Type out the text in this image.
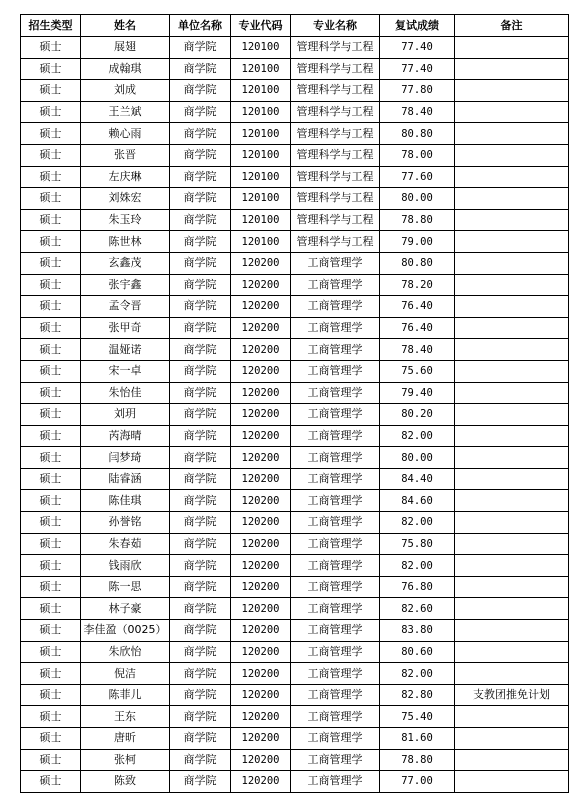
招生类型	姓名	单位名称	专业代码	专业名称	复试成绩	备注
硕士	展翅	商学院	120100	管理科学与工程	77.40	
硕士	成翰琪	商学院	120100	管理科学与工程	77.40	
硕士	刘成	商学院	120100	管理科学与工程	77.80	
硕士	王兰斌	商学院	120100	管理科学与工程	78.40	
硕士	赖心雨	商学院	120100	管理科学与工程	80.80	
硕士	张晋	商学院	120100	管理科学与工程	78.00	
硕士	左庆琳	商学院	120100	管理科学与工程	77.60	
硕士	刘姝宏	商学院	120100	管理科学与工程	80.00	
硕士	朱玉玲	商学院	120100	管理科学与工程	78.80	
硕士	陈世林	商学院	120100	管理科学与工程	79.00	
硕士	玄鑫茂	商学院	120200	工商管理学	80.80	
硕士	张宇鑫	商学院	120200	工商管理学	78.20	
硕士	孟令晋	商学院	120200	工商管理学	76.40	
硕士	张甲奇	商学院	120200	工商管理学	76.40	
硕士	温娅诺	商学院	120200	工商管理学	78.40	
硕士	宋一卓	商学院	120200	工商管理学	75.60	
硕士	朱怡佳	商学院	120200	工商管理学	79.40	
硕士	刘玥	商学院	120200	工商管理学	80.20	
硕士	芮海晴	商学院	120200	工商管理学	82.00	
硕士	闫梦琦	商学院	120200	工商管理学	80.00	
硕士	陆睿涵	商学院	120200	工商管理学	84.40	
硕士	陈佳琪	商学院	120200	工商管理学	84.60	
硕士	孙誉铭	商学院	120200	工商管理学	82.00	
硕士	朱春茹	商学院	120200	工商管理学	75.80	
硕士	钱雨欣	商学院	120200	工商管理学	82.00	
硕士	陈一思	商学院	120200	工商管理学	76.80	
硕士	林子豪	商学院	120200	工商管理学	82.60	
硕士	李佳盈（0025）	商学院	120200	工商管理学	83.80	
硕士	朱欣怡	商学院	120200	工商管理学	80.60	
硕士	倪洁	商学院	120200	工商管理学	82.00	
硕士	陈菲儿	商学院	120200	工商管理学	82.80	支教团推免计划
硕士	王东	商学院	120200	工商管理学	75.40	
硕士	唐昕	商学院	120200	工商管理学	81.60	
硕士	张柯	商学院	120200	工商管理学	78.80	
硕士	陈致	商学院	120200	工商管理学	77.00	
